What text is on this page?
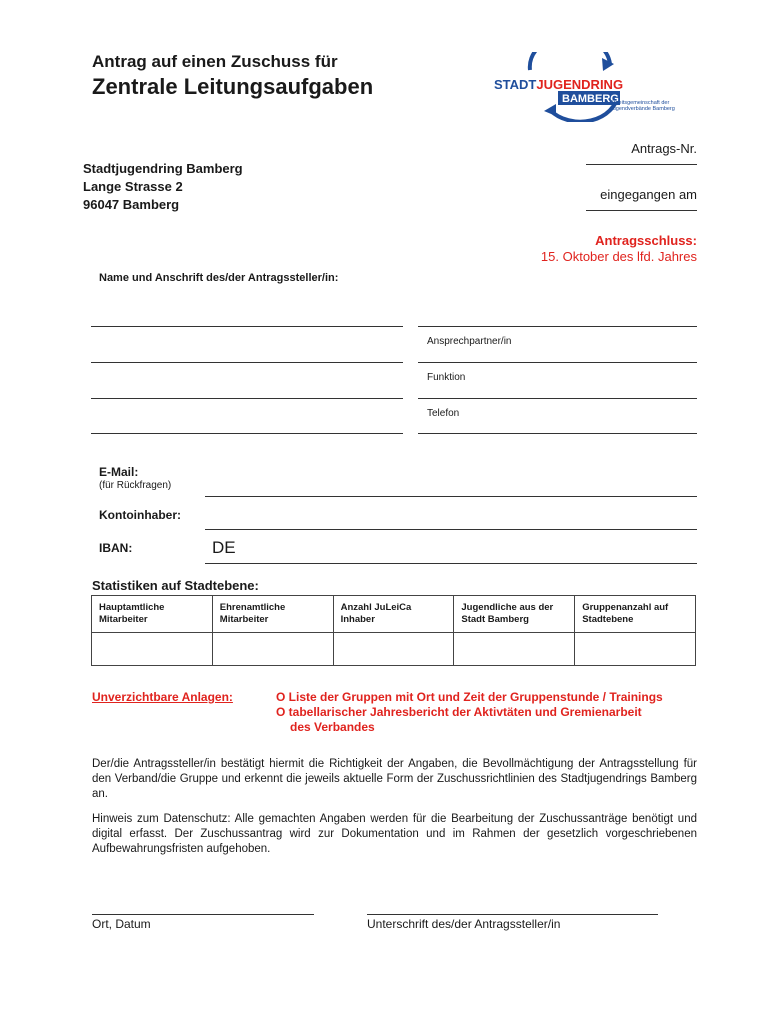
Antrag auf einen Zuschuss für
Zentrale Leitungsaufgaben	STADTJUGENDRING
BAMBERG
Arbeitsgemeinschaft der
Jugendverbände Bamberg
Stadtjugendring Bamberg
Lange Strasse 2
96047 Bamberg
Antrags-Nr.
eingegangen am
Antragsschluss:
15. Oktober des lfd. Jahres
Name und Anschrift des/der Antragssteller/in:
Ansprechpartner/in
Funktion
Telefon
E-Mail:
(für Rückfragen)
Kontoinhaber:
IBAN:	DE
Statistiken auf Stadtebene:
Hauptamtliche Mitarbeiter	Ehrenamtliche Mitarbeiter	Anzahl JuLeiCa Inhaber	Jugendliche aus der Stadt Bamberg	Gruppenanzahl auf Stadtebene

Unverzichtbare Anlagen:	O Liste der Gruppen mit Ort und Zeit der Gruppenstunde / Trainings
O tabellarischer Jahresbericht der Aktivtäten und Gremienarbeit
des Verbandes
Der/die Antragssteller/in bestätigt hiermit die Richtigkeit der Angaben, die Bevollmächtigung der Antragsstellung für den Verband/die Gruppe und erkennt die jeweils aktuelle Form der Zuschussrichtlinien des Stadtjugendrings Bamberg an.
Hinweis zum Datenschutz: Alle gemachten Angaben werden für die Bearbeitung der Zuschussanträge benötigt und digital erfasst. Der Zuschussantrag wird zur Dokumentation und im Rahmen der gesetzlich vorgeschriebenen Aufbewahrungsfristen aufgehoben.
Ort, Datum	Unterschrift des/der Antragssteller/in
